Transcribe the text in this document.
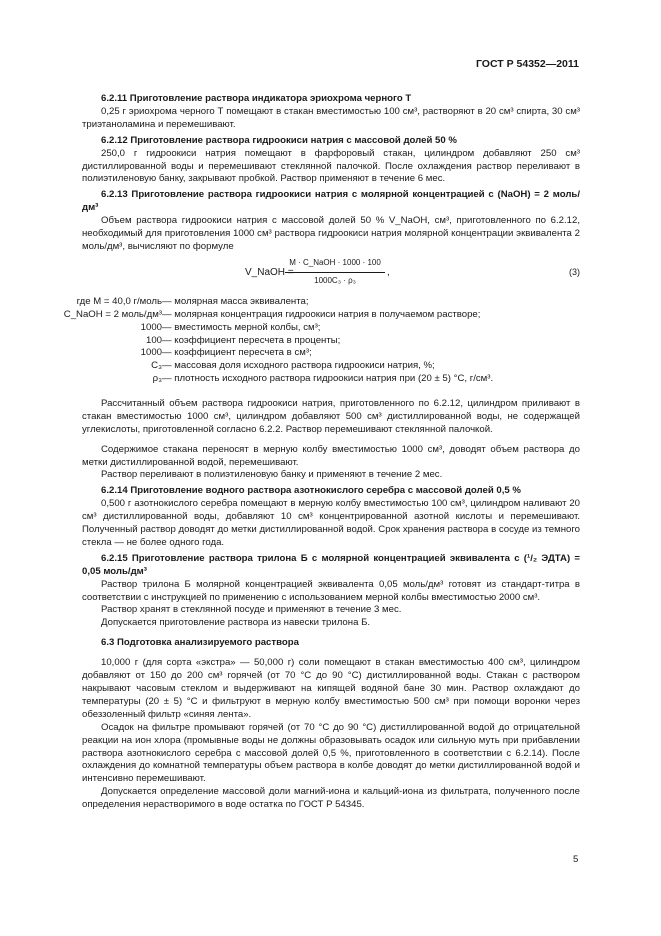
ГОСТ Р 54352—2011

6.2.11 Приготовление раствора индикатора эриохрома черного Т

0,25 г эриохрома черного Т помещают в стакан вместимостью 100 см³, растворяют в 20 см³ спирта, 30 см³ триэтаноламина и перемешивают.

6.2.12 Приготовление раствора гидроокиси натрия с массовой долей 50 %

250,0 г гидроокиси натрия помещают в фарфоровый стакан, цилиндром добавляют 250 см³ дистиллированной воды и перемешивают стеклянной палочкой. После охлаждения раствор переливают в полиэтиленовую банку, закрывают пробкой. Раствор применяют в течение 6 мес.

6.2.13 Приготовление раствора гидроокиси натрия с молярной концентрацией с (NaOH) = 2 моль/дм³

Объем раствора гидроокиси натрия с массовой долей 50 % V_NaOH, см³, приготовленного по 6.2.12, необходимый для приготовления 1000 см³ раствора гидроокиси натрия молярной концентрации эквивалента 2 моль/дм³, вычисляют по формуле

V_NaOH =
M · C_NaOH · 1000 · 100
1000C₃ · ρ₃
,	(3)
где M = 40,0 г/моль — молярная масса эквивалента;
C_NaOH = 2 моль/дм³ — молярная концентрация гидроокиси натрия в получаемом растворе;
1000 — вместимость мерной колбы, см³;
100 — коэффициент пересчета в проценты;
1000 — коэффициент пересчета в см³;
C₃ — массовая доля исходного раствора гидроокиси натрия, %;
ρ₃ — плотность исходного раствора гидроокиси натрия при (20 ± 5) °C, г/см³.

Рассчитанный объем раствора гидроокиси натрия, приготовленного по 6.2.12, цилиндром приливают в стакан вместимостью 1000 см³, цилиндром добавляют 500 см³ дистиллированной воды, не содержащей углекислоты, приготовленной согласно 6.2.2. Раствор перемешивают стеклянной палочкой.

Содержимое стакана переносят в мерную колбу вместимостью 1000 см³, доводят объем раствора до метки дистиллированной водой, перемешивают.

Раствор переливают в полиэтиленовую банку и применяют в течение 2 мес.

6.2.14 Приготовление водного раствора азотнокислого серебра с массовой долей 0,5 %

0,500 г азотнокислого серебра помещают в мерную колбу вместимостью 100 см³, цилиндром наливают 20 см³ дистиллированной воды, добавляют 10 см³ концентрированной азотной кислоты и перемешивают. Полученный раствор доводят до метки дистиллированной водой. Срок хранения раствора в сосуде из темного стекла — не более одного года.

6.2.15 Приготовление раствора трилона Б с молярной концентрацией эквивалента с (¹/₂ ЭДТА) = 0,05 моль/дм³

Раствор трилона Б молярной концентрацией эквивалента 0,05 моль/дм³ готовят из стандарт-титра в соответствии с инструкцией по применению с использованием мерной колбы вместимостью 2000 см³.

Раствор хранят в стеклянной посуде и применяют в течение 3 мес.

Допускается приготовление раствора из навески трилона Б.

6.3 Подготовка анализируемого раствора

10,000 г (для сорта «экстра» — 50,000 г) соли помещают в стакан вместимостью 400 см³, цилиндром добавляют от 150 до 200 см³ горячей (от 70 °C до 90 °C) дистиллированной воды. Стакан с раствором накрывают часовым стеклом и выдерживают на кипящей водяной бане 30 мин. Раствор охлаждают до температуры (20 ± 5) °C и фильтруют в мерную колбу вместимостью 500 см³ при помощи воронки через обеззоленный фильтр «синяя лента».

Осадок на фильтре промывают горячей (от 70 °C до 90 °C) дистиллированной водой до отрицательной реакции на ион хлора (промывные воды не должны образовывать осадок или сильную муть при прибавлении раствора азотнокислого серебра с массовой долей 0,5 %, приготовленного в соответствии с 6.2.14). После охлаждения до комнатной температуры объем раствора в колбе доводят до метки дистиллированной водой и интенсивно перемешивают.

Допускается определение массовой доли магний-иона и кальций-иона из фильтрата, полученного после определения нерастворимого в воде остатка по ГОСТ Р 54345.

5
